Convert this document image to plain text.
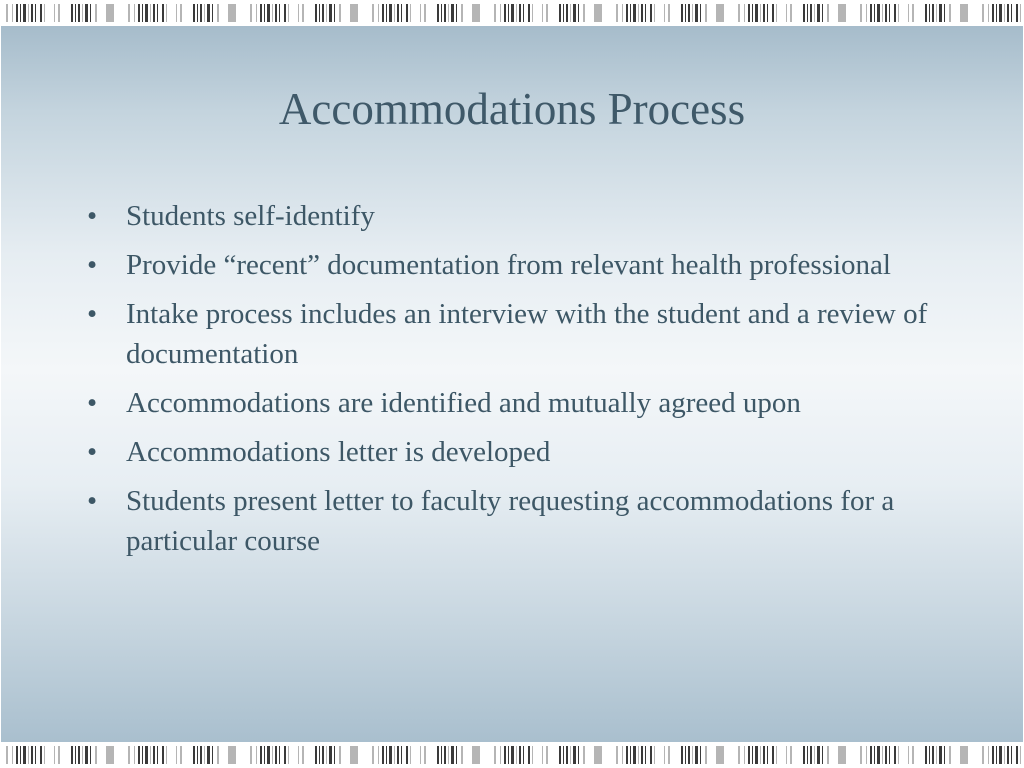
Accommodations Process
• Students self-identify
• Provide “recent” documentation from relevant health professional
• Intake process includes an interview with the student and a review of documentation
• Accommodations are identified and mutually agreed upon
• Accommodations letter is developed
• Students present letter to faculty requesting accommodations for a particular course
